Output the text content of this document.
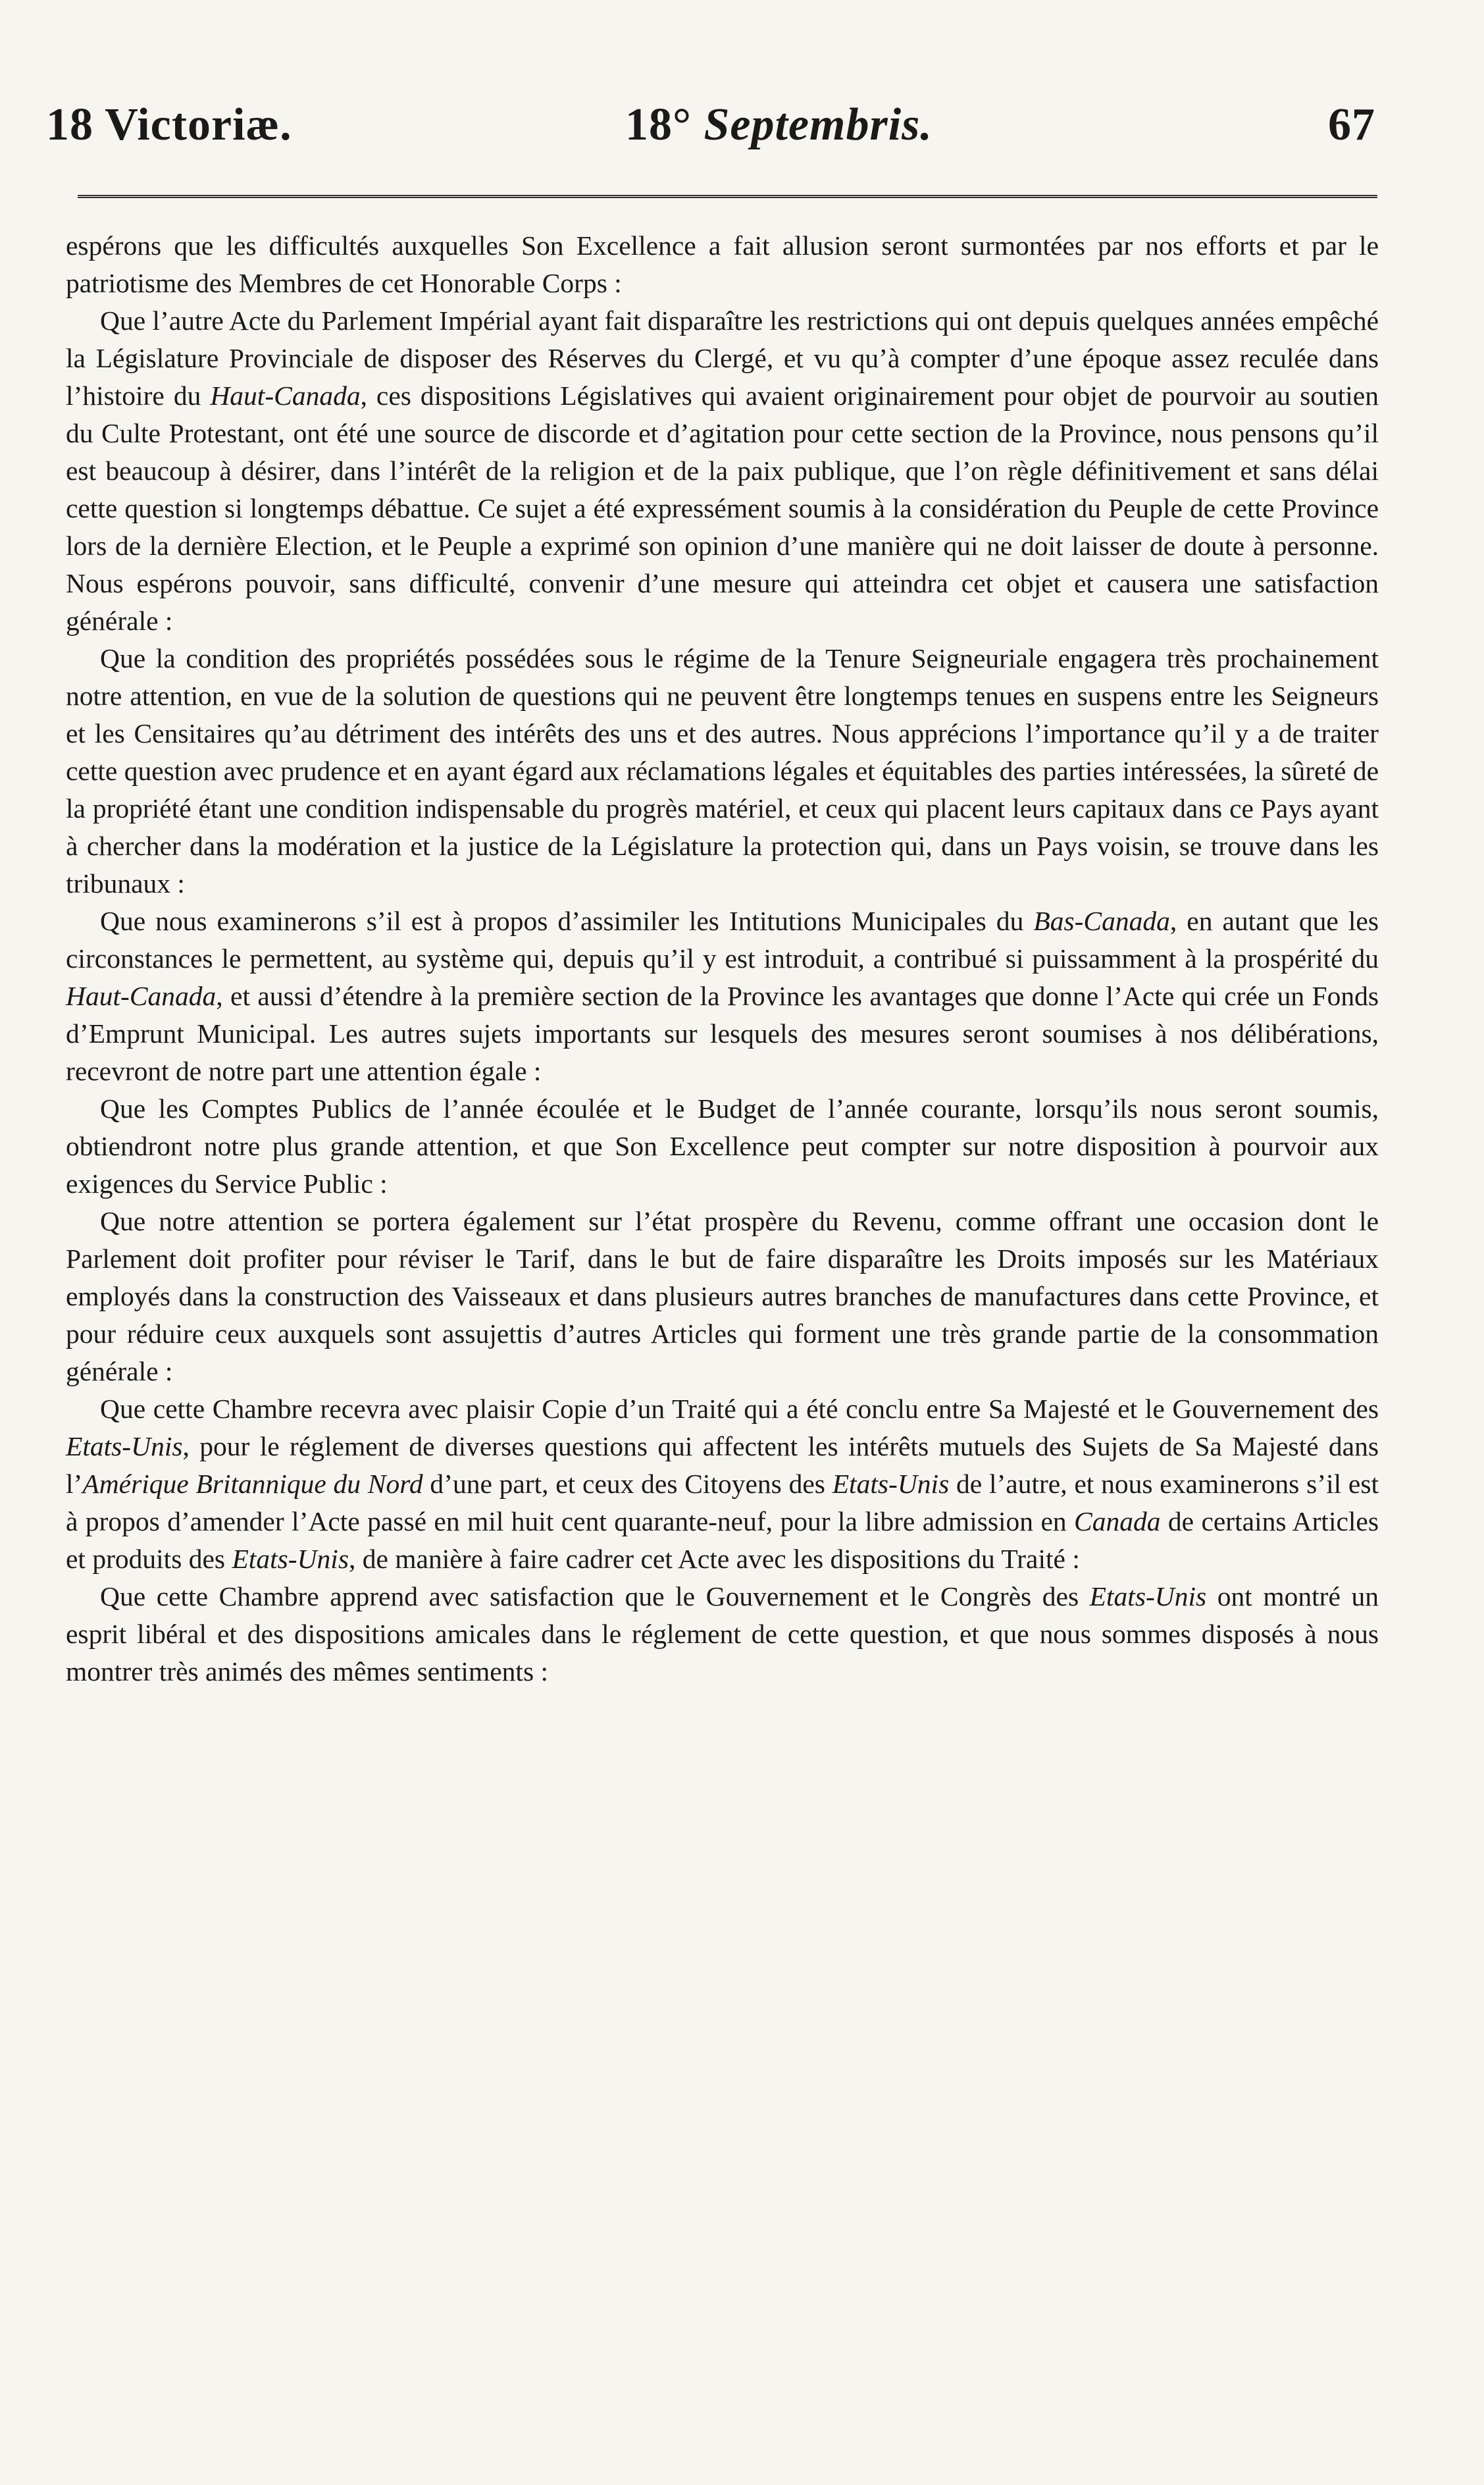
18 Victoriæ.	18° Septembris.	67

espérons que les difficultés auxquelles Son Excellence a fait allusion seront surmontées par nos efforts et par le patriotisme des Membres de cet Honorable Corps :

Que l’autre Acte du Parlement Impérial ayant fait disparaître les restrictions qui ont depuis quelques années empêché la Législature Provinciale de disposer des Réserves du Clergé, et vu qu’à compter d’une époque assez reculée dans l’histoire du Haut-Canada, ces dispositions Législatives qui avaient originairement pour objet de pourvoir au soutien du Culte Protestant, ont été une source de discorde et d’agitation pour cette section de la Province, nous pensons qu’il est beaucoup à désirer, dans l’intérêt de la religion et de la paix publique, que l’on règle définitivement et sans délai cette question si longtemps débattue. Ce sujet a été expressément soumis à la considération du Peuple de cette Province lors de la dernière Election, et le Peuple a exprimé son opinion d’une manière qui ne doit laisser de doute à personne. Nous espérons pouvoir, sans difficulté, convenir d’une mesure qui atteindra cet objet et causera une satisfaction générale :

Que la condition des propriétés possédées sous le régime de la Tenure Seigneuriale engagera très prochainement notre attention, en vue de la solution de questions qui ne peuvent être longtemps tenues en suspens entre les Seigneurs et les Censitaires qu’au détriment des intérêts des uns et des autres. Nous apprécions l’importance qu’il y a de traiter cette question avec prudence et en ayant égard aux réclamations légales et équitables des parties intéressées, la sûreté de la propriété étant une condition indispensable du progrès matériel, et ceux qui placent leurs capitaux dans ce Pays ayant à chercher dans la modération et la justice de la Législature la protection qui, dans un Pays voisin, se trouve dans les tribunaux :

Que nous examinerons s’il est à propos d’assimiler les Intitutions Municipales du Bas-Canada, en autant que les circonstances le permettent, au système qui, depuis qu’il y est introduit, a contribué si puissamment à la prospérité du Haut-Canada, et aussi d’étendre à la première section de la Province les avantages que donne l’Acte qui crée un Fonds d’Emprunt Municipal. Les autres sujets importants sur lesquels des mesures seront soumises à nos délibérations, recevront de notre part une attention égale :

Que les Comptes Publics de l’année écoulée et le Budget de l’année courante, lorsqu’ils nous seront soumis, obtiendront notre plus grande attention, et que Son Excellence peut compter sur notre disposition à pourvoir aux exigences du Service Public :

Que notre attention se portera également sur l’état prospère du Revenu, comme offrant une occasion dont le Parlement doit profiter pour réviser le Tarif, dans le but de faire disparaître les Droits imposés sur les Matériaux employés dans la construction des Vaisseaux et dans plusieurs autres branches de manufactures dans cette Province, et pour réduire ceux auxquels sont assujettis d’autres Articles qui forment une très grande partie de la consommation générale :

Que cette Chambre recevra avec plaisir Copie d’un Traité qui a été conclu entre Sa Majesté et le Gouvernement des Etats-Unis, pour le réglement de diverses questions qui affectent les intérêts mutuels des Sujets de Sa Majesté dans l’Amérique Britannique du Nord d’une part, et ceux des Citoyens des Etats-Unis de l’autre, et nous examinerons s’il est à propos d’amender l’Acte passé en mil huit cent quarante-neuf, pour la libre admission en Canada de certains Articles et produits des Etats-Unis, de manière à faire cadrer cet Acte avec les dispositions du Traité :

Que cette Chambre apprend avec satisfaction que le Gouvernement et le Congrès des Etats-Unis ont montré un esprit libéral et des dispositions amicales dans le réglement de cette question, et que nous sommes disposés à nous montrer très animés des mêmes sentiments :
